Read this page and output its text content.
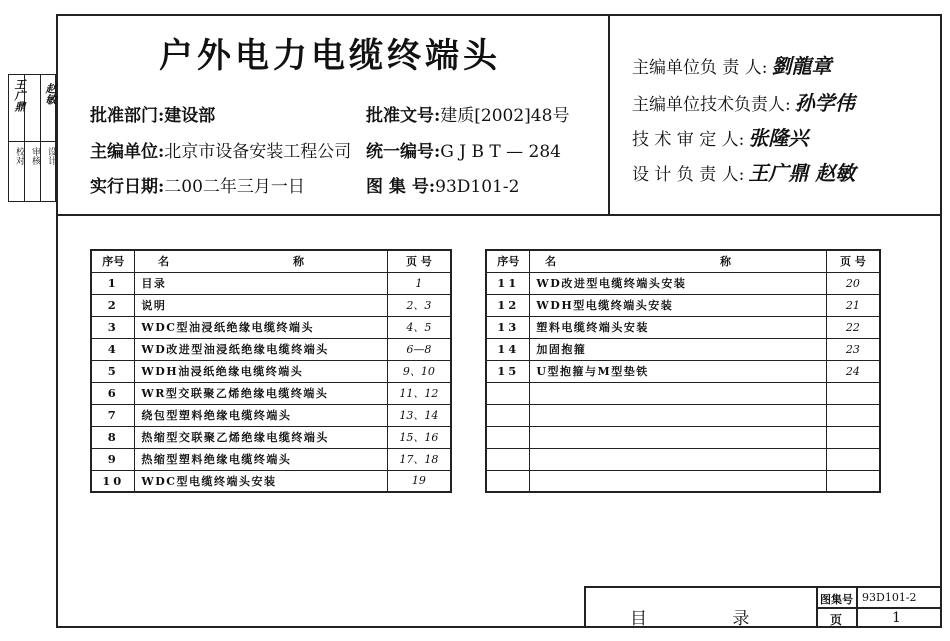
王广鼎 赵敏
校对 审核 设计
户外电力电缆终端头
批准部门:建设部
主编单位:北京市设备安装工程公司
实行日期:二00二年三月一日
批准文号:建质[2002]48号
统一编号:G J B T — 284
图 集 号:93D101-2
主编单位负 责 人: 劉龍章
主编单位技术负责人: 孙学伟
技 术 审 定 人: 张隆兴
设 计 负 责 人: 王广鼎 赵敏
序号	名 称	页 号
1	目录	1
2	说明	2、3
3	WDC型油浸纸绝缘电缆终端头	4、5
4	WD改进型油浸纸绝缘电缆终端头	6—8
5	WDH油浸纸绝缘电缆终端头	9、10
6	WR型交联聚乙烯绝缘电缆终端头	11、12
7	绕包型塑料绝缘电缆终端头	13、14
8	热缩型交联聚乙烯绝缘电缆终端头	15、16
9	热缩型塑料绝缘电缆终端头	17、18
10	WDC型电缆终端头安装	19
序号	名 称	页 号
11	WD改进型电缆终端头安装	20
12	WDH型电缆终端头安装	21
13	塑料电缆终端头安装	22
14	加固抱箍	23
15	U型抱箍与M型垫铁	24

目 录
图集号 93D101-2
页	1
